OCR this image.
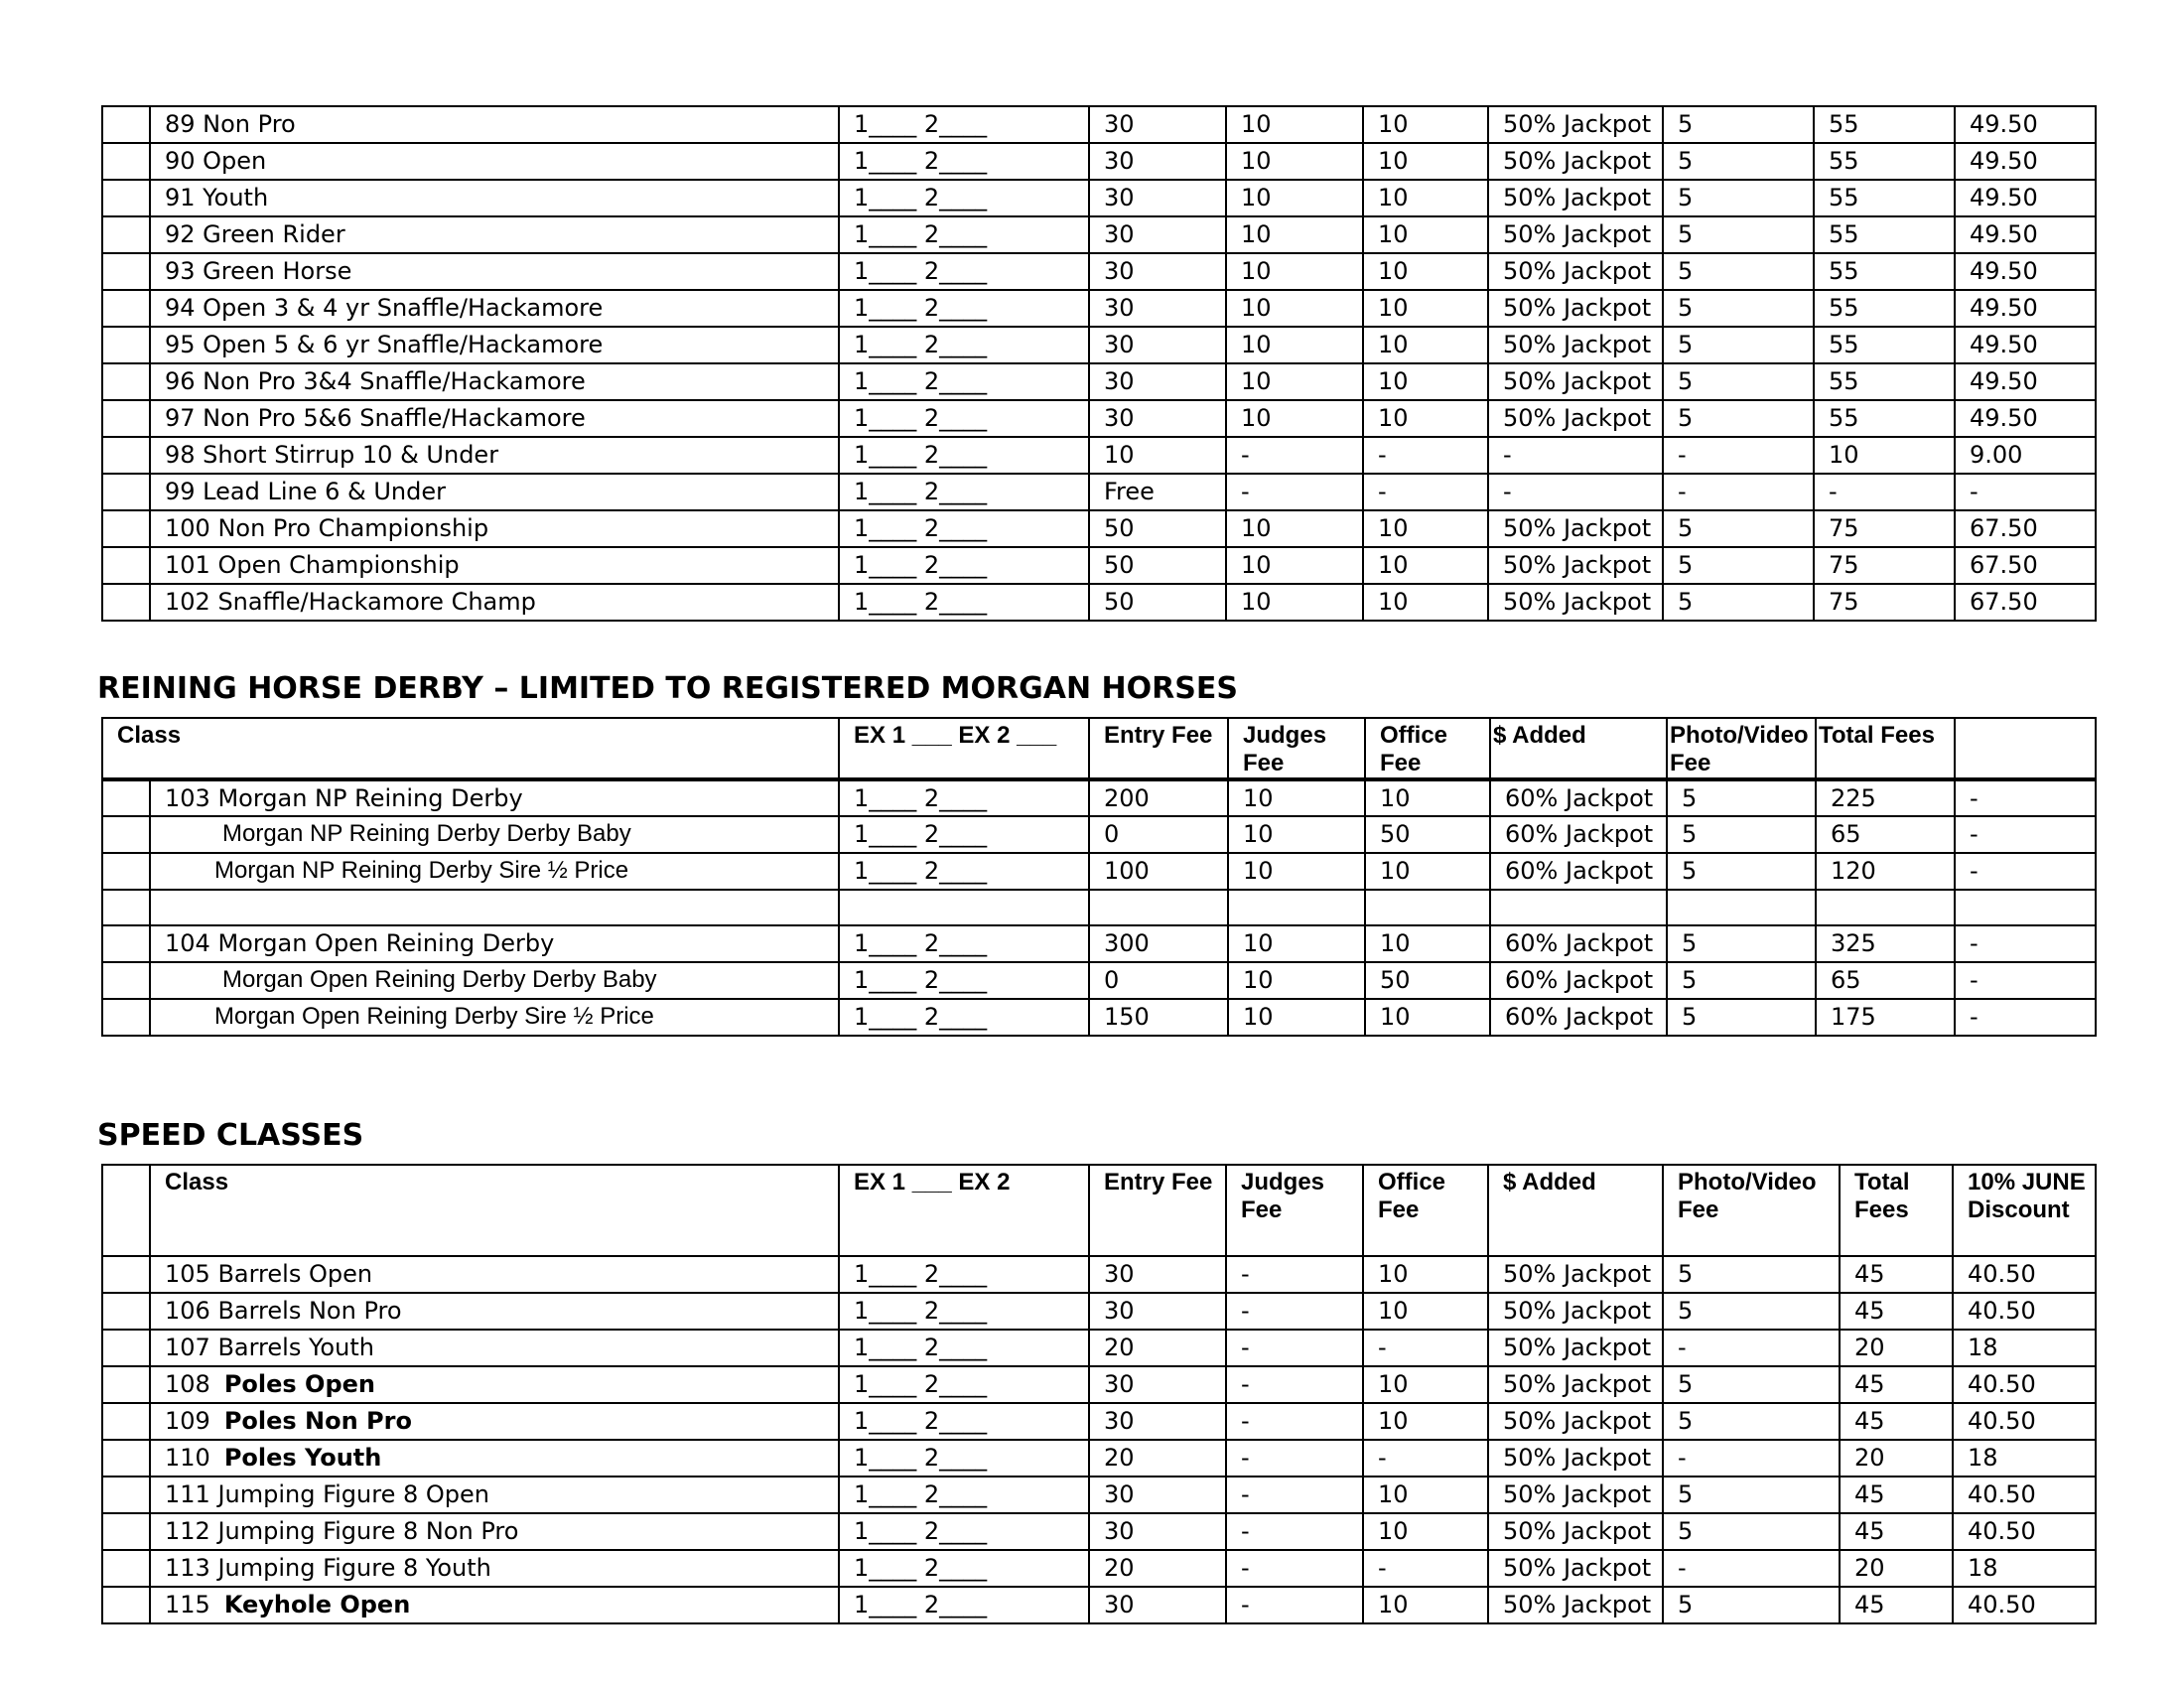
	89 Non Pro	1____ 2____	30	10	10	50% Jackpot	5	55	49.50
	90 Open	1____ 2____	30	10	10	50% Jackpot	5	55	49.50
	91 Youth	1____ 2____	30	10	10	50% Jackpot	5	55	49.50
	92 Green Rider	1____ 2____	30	10	10	50% Jackpot	5	55	49.50
	93 Green Horse	1____ 2____	30	10	10	50% Jackpot	5	55	49.50
	94 Open 3 & 4 yr Snaffle/Hackamore	1____ 2____	30	10	10	50% Jackpot	5	55	49.50
	95 Open 5 & 6 yr Snaffle/Hackamore	1____ 2____	30	10	10	50% Jackpot	5	55	49.50
	96 Non Pro 3&4 Snaffle/Hackamore	1____ 2____	30	10	10	50% Jackpot	5	55	49.50
	97 Non Pro 5&6 Snaffle/Hackamore	1____ 2____	30	10	10	50% Jackpot	5	55	49.50
	98 Short Stirrup 10 & Under	1____ 2____	10	-	-	-	-	10	9.00
	99 Lead Line 6 & Under	1____ 2____	Free	-	-	-	-	-	-
	100 Non Pro Championship	1____ 2____	50	10	10	50% Jackpot	5	75	67.50
	101 Open Championship	1____ 2____	50	10	10	50% Jackpot	5	75	67.50
	102 Snaffle/Hackamore Champ	1____ 2____	50	10	10	50% Jackpot	5	75	67.50
REINING HORSE DERBY – LIMITED TO REGISTERED MORGAN HORSES
Class		EX 1 ___ EX 2 ___	Entry Fee	Judges Fee	Office Fee	$ Added	Photo/Video Fee	Total Fees	
	103 Morgan NP Reining Derby	1____ 2____	200	10	10	60% Jackpot	5	225	-
	Morgan NP Reining Derby Derby Baby	1____ 2____	0	10	50	60% Jackpot	5	65	-
	Morgan NP Reining Derby Sire ½ Price	1____ 2____	100	10	10	60% Jackpot	5	120	-

	104 Morgan Open Reining Derby	1____ 2____	300	10	10	60% Jackpot	5	325	-
	Morgan Open Reining Derby Derby Baby	1____ 2____	0	10	50	60% Jackpot	5	65	-
	Morgan Open Reining Derby Sire ½ Price	1____ 2____	150	10	10	60% Jackpot	5	175	-
SPEED CLASSES
	Class	EX 1 ___ EX 2	Entry Fee	Judges Fee	Office Fee	$ Added	Photo/Video Fee	Total Fees	10% JUNE Discount
	105 Barrels Open	1____ 2____	30	-	10	50% Jackpot	5	45	40.50
	106 Barrels Non Pro	1____ 2____	30	-	10	50% Jackpot	5	45	40.50
	107 Barrels Youth	1____ 2____	20	-	-	50% Jackpot	-	20	18
	108 Poles Open	1____ 2____	30	-	10	50% Jackpot	5	45	40.50
	109 Poles Non Pro	1____ 2____	30	-	10	50% Jackpot	5	45	40.50
	110 Poles Youth	1____ 2____	20	-	-	50% Jackpot	-	20	18
	111 Jumping Figure 8 Open	1____ 2____	30	-	10	50% Jackpot	5	45	40.50
	112 Jumping Figure 8 Non Pro	1____ 2____	30	-	10	50% Jackpot	5	45	40.50
	113 Jumping Figure 8 Youth	1____ 2____	20	-	-	50% Jackpot	-	20	18
	115 Keyhole Open	1____ 2____	30	-	10	50% Jackpot	5	45	40.50
